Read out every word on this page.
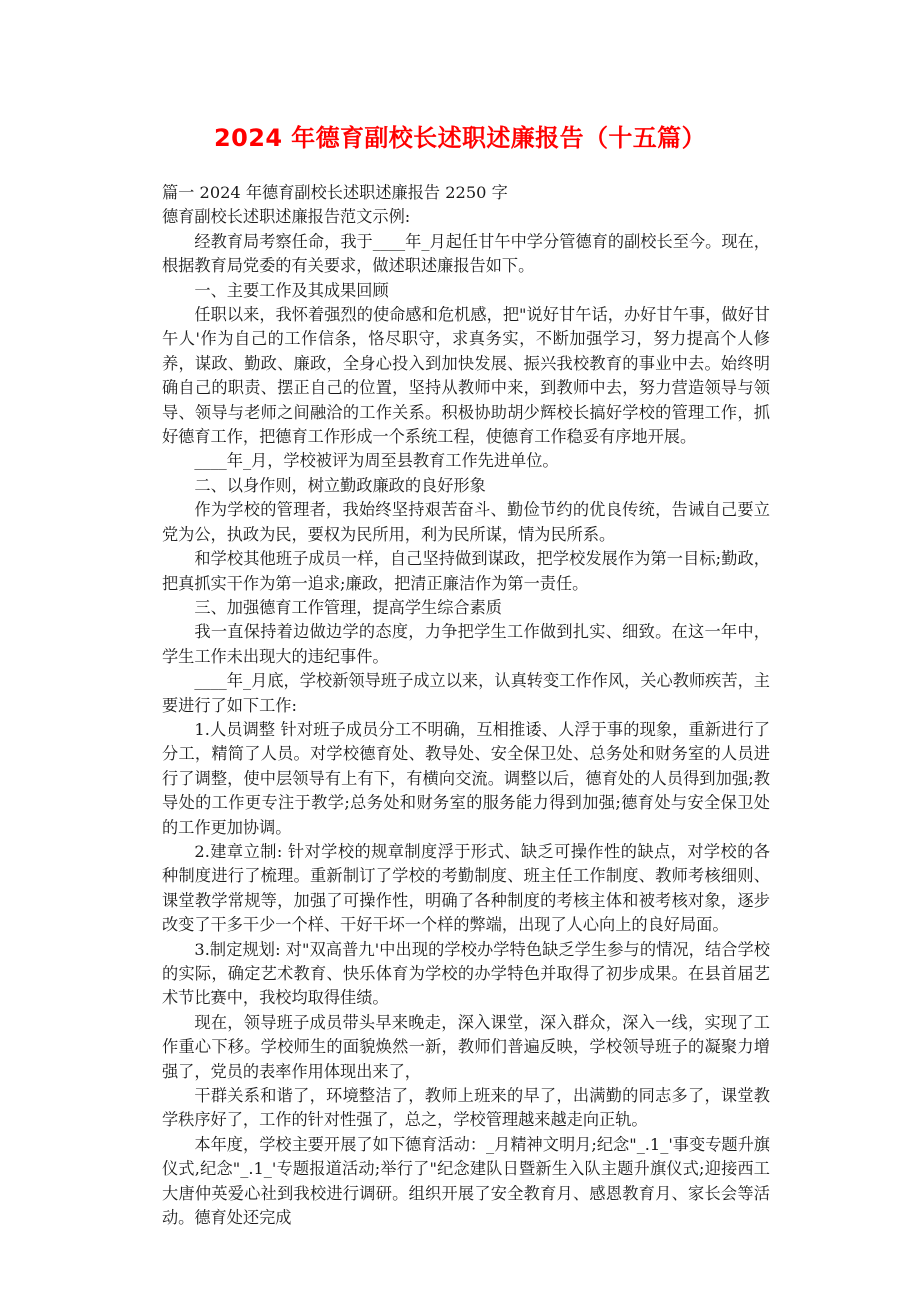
2024 年德育副校长述职述廉报告（十五篇）

篇一 2024 年德育副校长述职述廉报告 2250 字

德育副校长述职述廉报告范文示例:

经教育局考察任命，我于____年_月起任甘午中学分管德育的副校长至今。现在，根据教育局党委的有关要求，做述职述廉报告如下。

一、主要工作及其成果回顾

任职以来，我怀着强烈的使命感和危机感，把"说好甘午话，办好甘午事，做好甘午人'作为自己的工作信条，恪尽职守，求真务实，不断加强学习，努力提高个人修养，谋政、勤政、廉政，全身心投入到加快发展、振兴我校教育的事业中去。始终明确自己的职责、摆正自己的位置，坚持从教师中来，到教师中去，努力营造领导与领导、领导与老师之间融洽的工作关系。积极协助胡少辉校长搞好学校的管理工作，抓好德育工作，把德育工作形成一个系统工程，使德育工作稳妥有序地开展。

____年_月，学校被评为周至县教育工作先进单位。

二、以身作则，树立勤政廉政的良好形象

作为学校的管理者，我始终坚持艰苦奋斗、勤俭节约的优良传统，告诫自己要立党为公，执政为民，要权为民所用，利为民所谋，情为民所系。

和学校其他班子成员一样，自己坚持做到谋政，把学校发展作为第一目标;勤政，把真抓实干作为第一追求;廉政，把清正廉洁作为第一责任。

三、加强德育工作管理，提高学生综合素质

我一直保持着边做边学的态度，力争把学生工作做到扎实、细致。在这一年中，学生工作未出现大的违纪事件。

____年_月底，学校新领导班子成立以来，认真转变工作作风，关心教师疾苦，主要进行了如下工作:

1.人员调整 针对班子成员分工不明确，互相推诿、人浮于事的现象，重新进行了分工，精简了人员。对学校德育处、教导处、安全保卫处、总务处和财务室的人员进行了调整，使中层领导有上有下，有横向交流。调整以后，德育处的人员得到加强;教导处的工作更专注于教学;总务处和财务室的服务能力得到加强;德育处与安全保卫处的工作更加协调。

2.建章立制: 针对学校的规章制度浮于形式、缺乏可操作性的缺点，对学校的各种制度进行了梳理。重新制订了学校的考勤制度、班主任工作制度、教师考核细则、课堂教学常规等，加强了可操作性，明确了各种制度的考核主体和被考核对象，逐步改变了干多干少一个样、干好干坏一个样的弊端，出现了人心向上的良好局面。

3.制定规划: 对"双高普九'中出现的学校办学特色缺乏学生参与的情况，结合学校的实际，确定艺术教育、快乐体育为学校的办学特色并取得了初步成果。在县首届艺术节比赛中，我校均取得佳绩。

现在，领导班子成员带头早来晚走，深入课堂，深入群众，深入一线，实现了工作重心下移。学校师生的面貌焕然一新，教师们普遍反映，学校领导班子的凝聚力增强了，党员的表率作用体现出来了，

干群关系和谐了，环境整洁了，教师上班来的早了，出满勤的同志多了，课堂教学秩序好了，工作的针对性强了，总之，学校管理越来越走向正轨。

本年度，学校主要开展了如下德育活动：_月精神文明月;纪念"_.1_'事变专题升旗仪式,纪念"_.1_'专题报道活动;举行了"纪念建队日暨新生入队主题升旗仪式;迎接西工大唐仲英爱心社到我校进行调研。组织开展了安全教育月、感恩教育月、家长会等活动。德育处还完成
